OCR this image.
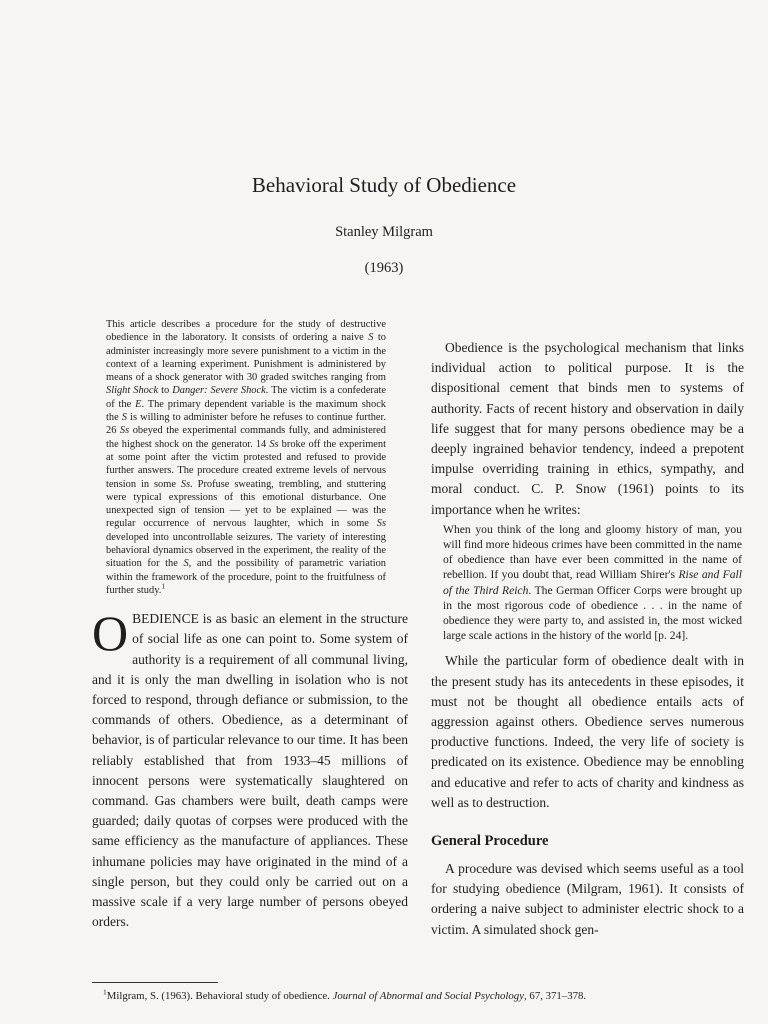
Behavioral Study of Obedience
Stanley Milgram
(1963)

This article describes a procedure for the study of destructive obedience in the laboratory. It consists of ordering a naive S to administer increasingly more severe punishment to a victim in the context of a learning experiment. Punishment is administered by means of a shock generator with 30 graded switches ranging from Slight Shock to Danger: Severe Shock. The victim is a confederate of the E. The primary dependent variable is the maximum shock the S is willing to administer before he refuses to continue further. 26 Ss obeyed the experimental commands fully, and administered the highest shock on the generator. 14 Ss broke off the experiment at some point after the victim protested and refused to provide further answers. The procedure created extreme levels of nervous tension in some Ss. Profuse sweating, trembling, and stuttering were typical expressions of this emotional disturbance. One unexpected sign of tension — yet to be explained — was the regular occurrence of nervous laughter, which in some Ss developed into uncontrollable seizures. The variety of interesting behavioral dynamics observed in the experiment, the reality of the situation for the S, and the possibility of parametric variation within the framework of the procedure, point to the fruitfulness of further study.$^1$

OBEDIENCE is as basic an element in the structure of social life as one can point to. Some system of authority is a requirement of all communal living, and it is only the man dwelling in isolation who is not forced to respond, through defiance or submission, to the commands of others. Obedience, as a determinant of behavior, is of particular relevance to our time. It has been reliably established that from 1933–45 millions of innocent persons were systematically slaughtered on command. Gas chambers were built, death camps were guarded; daily quotas of corpses were produced with the same efficiency as the manufacture of appliances. These inhumane policies may have originated in the mind of a single person, but they could only be carried out on a massive scale if a very large number of persons obeyed orders.

Obedience is the psychological mechanism that links individual action to political purpose. It is the dispositional cement that binds men to systems of authority. Facts of recent history and observation in daily life suggest that for many persons obedience may be a deeply ingrained behavior tendency, indeed a prepotent impulse overriding training in ethics, sympathy, and moral conduct. C. P. Snow (1961) points to its importance when he writes:

When you think of the long and gloomy history of man, you will find more hideous crimes have been committed in the name of obedience than have ever been committed in the name of rebellion. If you doubt that, read William Shirer's Rise and Fall of the Third Reich. The German Officer Corps were brought up in the most rigorous code of obedience . . . in the name of obedience they were party to, and assisted in, the most wicked large scale actions in the history of the world [p. 24].

While the particular form of obedience dealt with in the present study has its antecedents in these episodes, it must not be thought all obedience entails acts of aggression against others. Obedience serves numerous productive functions. Indeed, the very life of society is predicated on its existence. Obedience may be ennobling and educative and refer to acts of charity and kindness as well as to destruction.

General Procedure

A procedure was devised which seems useful as a tool for studying obedience (Milgram, 1961). It consists of ordering a naive subject to administer electric shock to a victim. A simulated shock gen-

$^1$Milgram, S. (1963). Behavioral study of obedience. Journal of Abnormal and Social Psychology, 67, 371–378.
